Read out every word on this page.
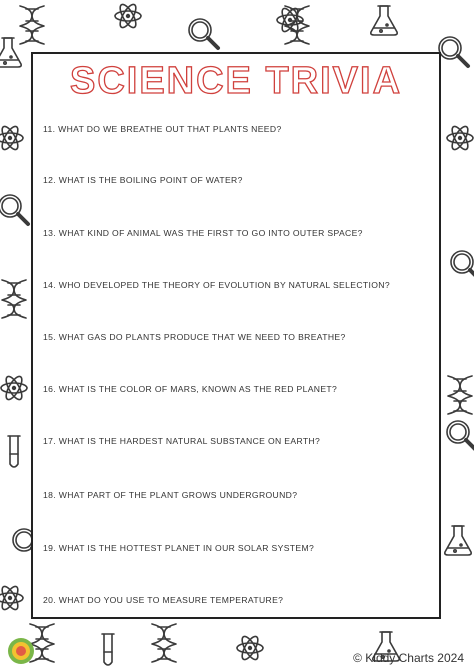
SCIENCE TRIVIA
11. WHAT DO WE BREATHE OUT THAT PLANTS NEED?
12. WHAT IS THE BOILING POINT OF WATER?
13. WHAT KIND OF ANIMAL WAS THE FIRST TO GO INTO OUTER SPACE?
14. WHO DEVELOPED THE THEORY OF EVOLUTION BY NATURAL SELECTION?
15. WHAT GAS DO PLANTS PRODUCE THAT WE NEED TO BREATHE?
16. WHAT IS THE COLOR OF MARS, KNOWN AS THE RED PLANET?
17. WHAT IS THE HARDEST NATURAL SUBSTANCE ON EARTH?
18. WHAT PART OF THE PLANT GROWS UNDERGROUND?
19. WHAT IS THE HOTTEST PLANET IN OUR SOLAR SYSTEM?
20. WHAT DO YOU USE TO MEASURE TEMPERATURE?
© Kiddy Charts 2024
